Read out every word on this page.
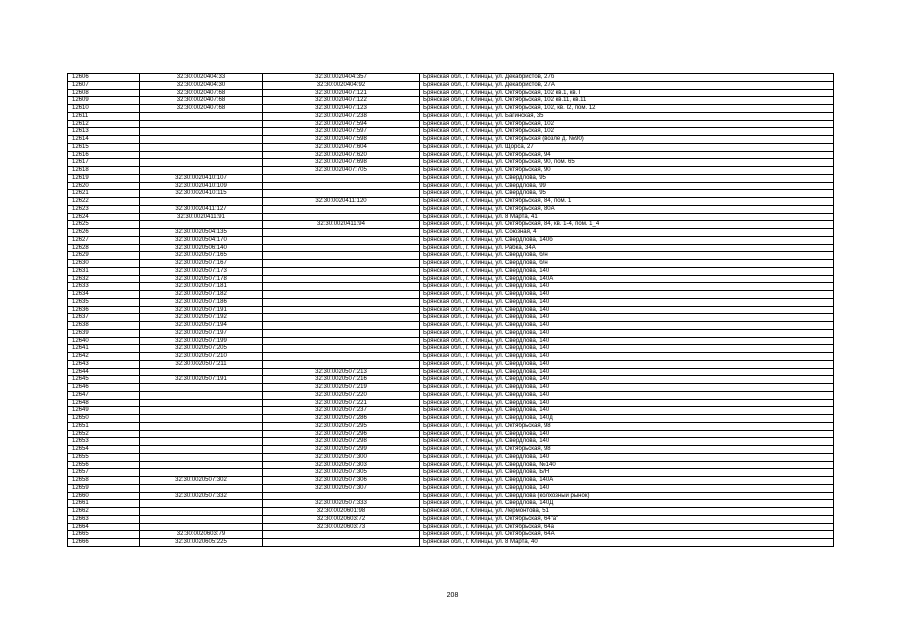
12606	32:30:0020404:33	32:30:0020404:357	Брянская обл., г. Клинцы, ул. Декабристов, 27б
12607	32:30:0020404:30	32:30:0020404:92	Брянская обл., г. Клинцы, ул. Декабристов, 27А
12608	32:30:0020407:68	32:30:0020407:121	Брянская обл., г. Клинцы, ул. Октябрьская, 102 кв.1, кв. I
12609	32:30:0020407:68	32:30:0020407:122	Брянская обл., г. Клинцы, ул. Октябрьская, 102 кв.11, кв.11
12610	32:30:0020407:68	32:30:0020407:123	Брянская обл., г. Клинцы, ул. Октябрьская, 102, кв. I2, пом. 12
12611		32:30:0020407:238	Брянская обл., г. Клинцы, ул. Багинская, 35
12612		32:30:0020407:594	Брянская обл., г. Клинцы, ул. Октябрьская, 102
12613		32:30:0020407:597	Брянская обл., г. Клинцы, ул. Октябрьская, 102
12614		32:30:0020407:598	Брянская обл., г. Клинцы, ул. Октябрьская (возле д. №90)
12615		32:30:0020407:604	Брянская обл., г. Клинцы, ул. Щорса, 27
12616		32:30:0020407:620	Брянская обл., г. Клинцы, ул. Октябрьская, 94
12617		32:30:0020407:698	Брянская обл., г. Клинцы, ул. Октябрьская, 90, пом. 65
12618		32:30:0020407:705	Брянская обл., г. Клинцы, ул. Октябрьская, 90
12619	32:30:0020410:107		Брянская обл., г. Клинцы, ул. Свердлова, 95
12620	32:30:0020410:109		Брянская обл., г. Клинцы, ул. Свердлова, 99
12621	32:30:0020410:115		Брянская обл., г. Клинцы, ул. Свердлова, 95
12622		32:30:0020411:120	Брянская обл., г. Клинцы, ул. Октябрьская, 84, пом. 1
12623	32:30:0020411:127		Брянская обл., г. Клинцы, ул. Октябрьская, 80А
12624	32:30:0020411:91		Брянская обл., г. Клинцы, ул. 8 Марта, 41
12625		32:30:0020411:94	Брянская обл., г. Клинцы, ул. Октябрьская, 84, кв. 1-4, пом. 1_4
12626	32:30:0020504:135		Брянская обл., г. Клинцы, ул. Союзная, 4
12627	32:30:0020504:170		Брянская обл., г. Клинцы, ул. Свердлова, 140б
12628	32:30:0020506:140		Брянская обл., г. Клинцы, ул. Рабка, 34А
12629	32:30:0020507:165		Брянская обл., г. Клинцы, ул. Свердлова, б/н
12630	32:30:0020507:167		Брянская обл., г. Клинцы, ул. Свердлова, б/н
12631	32:30:0020507:173		Брянская обл., г. Клинцы, ул. Свердлова, 140
12632	32:30:0020507:178		Брянская обл., г. Клинцы, ул. Свердлова, 140А
12633	32:30:0020507:181		Брянская обл., г. Клинцы, ул. Свердлова, 140
12634	32:30:0020507:182		Брянская обл., г. Клинцы, ул. Свердлова, 140
12635	32:30:0020507:186		Брянская обл., г. Клинцы, ул. Свердлова, 140
12636	32:30:0020507:191		Брянская обл., г. Клинцы, ул. Свердлова, 140
12637	32:30:0020507:192		Брянская обл., г. Клинцы, ул. Свердлова, 140
12638	32:30:0020507:194		Брянская обл., г. Клинцы, ул. Свердлова, 140
12639	32:30:0020507:197		Брянская обл., г. Клинцы, ул. Свердлова, 140
12640	32:30:0020507:199		Брянская обл., г. Клинцы, ул. Свердлова, 140
12641	32:30:0020507:205		Брянская обл., г. Клинцы, ул. Свердлова, 140
12642	32:30:0020507:210		Брянская обл., г. Клинцы, ул. Свердлова, 140
12643	32:30:0020507:211		Брянская обл., г. Клинцы, ул. Свердлова, 140
12644		32:30:0020507:213	Брянская обл., г. Клинцы, ул. Свердлова, 140
12645	32:30:0020507:191	32:30:0020507:216	Брянская обл., г. Клинцы, ул. Свердлова, 140
12646		32:30:0020507:219	Брянская обл., г. Клинцы, ул. Свердлова, 140
12647		32:30:0020507:220	Брянская обл., г. Клинцы, ул. Свердлова, 140
12648		32:30:0020507:221	Брянская обл., г. Клинцы, ул. Свердлова, 140
12649		32:30:0020507:237	Брянская обл., г. Клинцы, ул. Свердлова, 140
12650		32:30:0020507:286	Брянская обл., г. Клинцы, ул. Свердлова, 140д
12651		32:30:0020507:295	Брянская обл., г. Клинцы, ул. Октябрьская, 98
12652		32:30:0020507:296	Брянская обл., г. Клинцы, ул. Свердлова, 140
12653		32:30:0020507:298	Брянская обл., г. Клинцы, ул. Свердлова, 140
12654		32:30:0020507:299	Брянская обл., г. Клинцы, ул. Октябрьская, 98
12655		32:30:0020507:300	Брянская обл., г. Клинцы, ул. Свердлова, 140
12656		32:30:0020507:303	Брянская обл., г. Клинцы, ул. Свердлова, №140
12657		32:30:0020507:305	Брянская обл., г. Клинцы, ул. Свердлова, Б/Н
12658	32:30:0020507:302	32:30:0020507:306	Брянская обл., г. Клинцы, ул. Свердлова, 140А
12659		32:30:0020507:307	Брянская обл., г. Клинцы, ул. Свердлова, 140
12660	32:30:0020507:332		Брянская обл., г. Клинцы, ул. Свердлова (колхозный рынок)
12661		32:30:0020507:333	Брянская обл., г. Клинцы, ул. Свердлова, 140Д
12662		32:30:0020601:98	Брянская обл., г. Клинцы, ул. Лермонтова, 51
12663		32:30:0020603:72	Брянская обл., г. Клинцы, ул. Октябрьская, 64"а"
12664		32:30:0020603:73	Брянская обл., г. Клинцы, ул. Октябрьская, 64а
12665	32:30:0020603:79		Брянская обл., г. Клинцы, ул. Октябрьская, 64А
12666	32:30:0020605:225		Брянская обл., г. Клинцы, ул. 8 Марта, 40
208
